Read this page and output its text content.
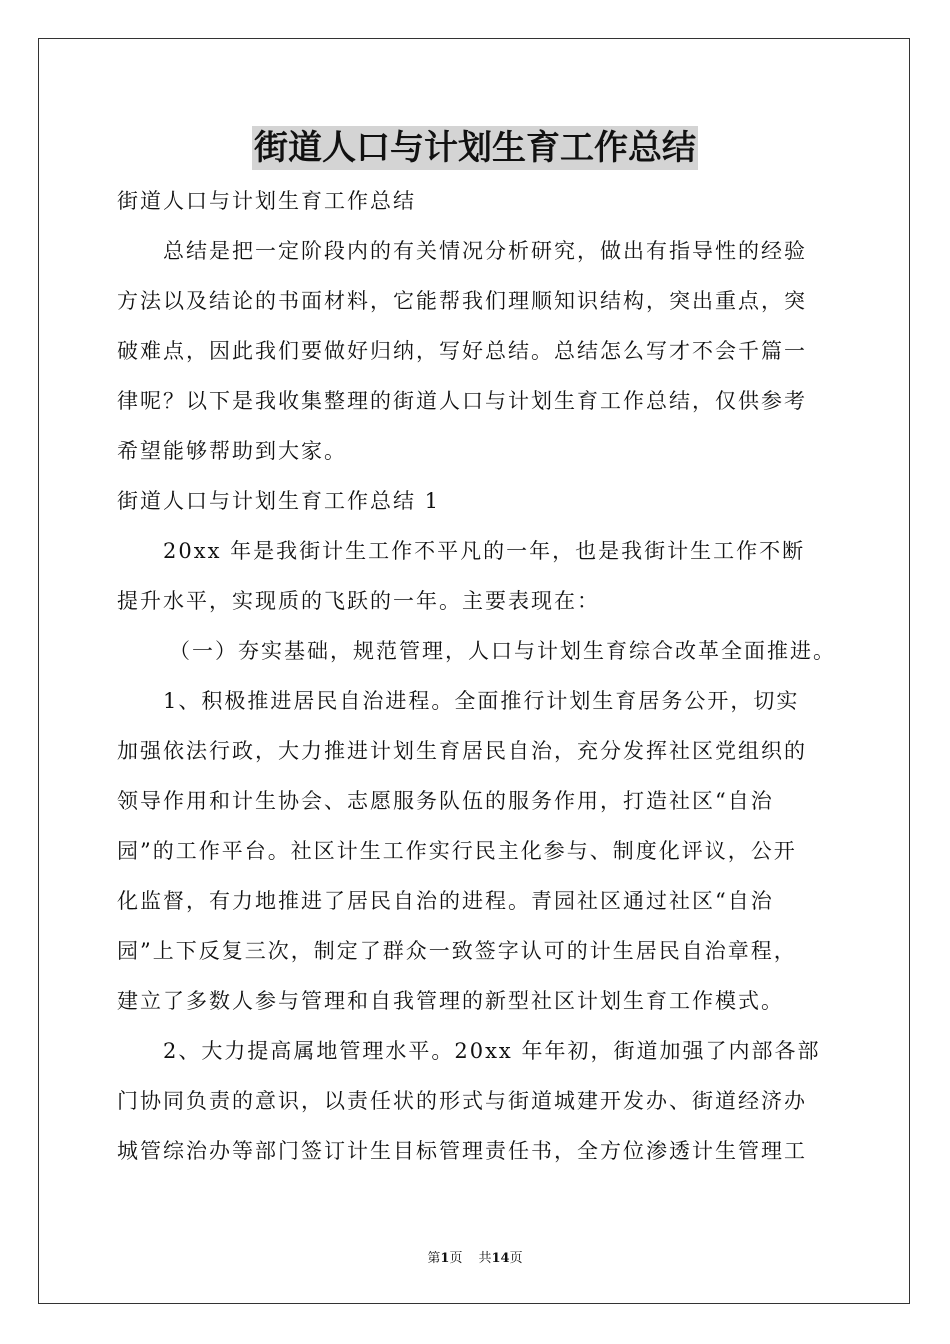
街道人口与计划生育工作总结
街道人口与计划生育工作总结
总结是把一定阶段内的有关情况分析研究，做出有指导性的经验
方法以及结论的书面材料，它能帮我们理顺知识结构，突出重点，突
破难点，因此我们要做好归纳，写好总结。总结怎么写才不会千篇一
律呢？以下是我收集整理的街道人口与计划生育工作总结，仅供参考
希望能够帮助到大家。
街道人口与计划生育工作总结 1
20xx 年是我街计生工作不平凡的一年，也是我街计生工作不断
提升水平，实现质的飞跃的一年。主要表现在：
（一）夯实基础，规范管理，人口与计划生育综合改革全面推进。
1、积极推进居民自治进程。全面推行计划生育居务公开，切实
加强依法行政，大力推进计划生育居民自治，充分发挥社区党组织的
领导作用和计生协会、志愿服务队伍的服务作用，打造社区“自治
园”的工作平台。社区计生工作实行民主化参与、制度化评议，公开
化监督，有力地推进了居民自治的进程。青园社区通过社区“自治
园”上下反复三次，制定了群众一致签字认可的计生居民自治章程，
建立了多数人参与管理和自我管理的新型社区计划生育工作模式。
2、大力提高属地管理水平。20xx 年年初，街道加强了内部各部
门协同负责的意识，以责任状的形式与街道城建开发办、街道经济办
城管综治办等部门签订计生目标管理责任书，全方位渗透计生管理工
第1页 共14页
